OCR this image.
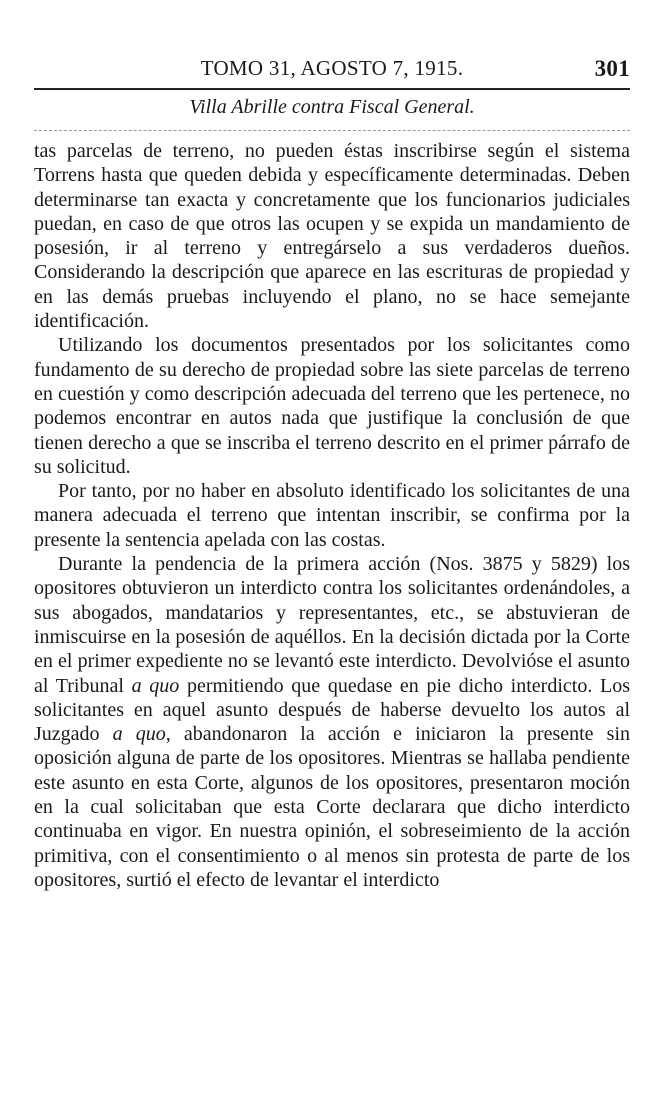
TOMO 31, AGOSTO 7, 1915.	301
Villa Abrille contra Fiscal General.

tas parcelas de terreno, no pueden éstas inscribirse según el sistema Torrens hasta que queden debida y específicamente determinadas. Deben determinarse tan exacta y concretamente que los funcionarios judiciales puedan, en caso de que otros las ocupen y se expida un mandamiento de posesión, ir al terreno y entregárselo a sus verdaderos dueños. Considerando la descripción que aparece en las escrituras de propiedad y en las demás pruebas incluyendo el plano, no se hace semejante identificación.

Utilizando los documentos presentados por los solicitantes como fundamento de su derecho de propiedad sobre las siete parcelas de terreno en cuestión y como descripción adecuada del terreno que les pertenece, no podemos encontrar en autos nada que justifique la conclusión de que tienen derecho a que se inscriba el terreno descrito en el primer párrafo de su solicitud.

Por tanto, por no haber en absoluto identificado los solicitantes de una manera adecuada el terreno que intentan inscribir, se confirma por la presente la sentencia apelada con las costas.

Durante la pendencia de la primera acción (Nos. 3875 y 5829) los opositores obtuvieron un interdicto contra los solicitantes ordenándoles, a sus abogados, mandatarios y representantes, etc., se abstuvieran de inmiscuirse en la posesión de aquéllos. En la decisión dictada por la Corte en el primer expediente no se levantó este interdicto. Devolvióse el asunto al Tribunal a quo permitiendo que quedase en pie dicho interdicto. Los solicitantes en aquel asunto después de haberse devuelto los autos al Juzgado a quo, abandonaron la acción e iniciaron la presente sin oposición alguna de parte de los opositores. Mientras se hallaba pendiente este asunto en esta Corte, algunos de los opositores, presentaron moción en la cual solicitaban que esta Corte declarara que dicho interdicto continuaba en vigor. En nuestra opinión, el sobreseimiento de la acción primitiva, con el consentimiento o al menos sin protesta de parte de los opositores, surtió el efecto de levantar el interdicto
